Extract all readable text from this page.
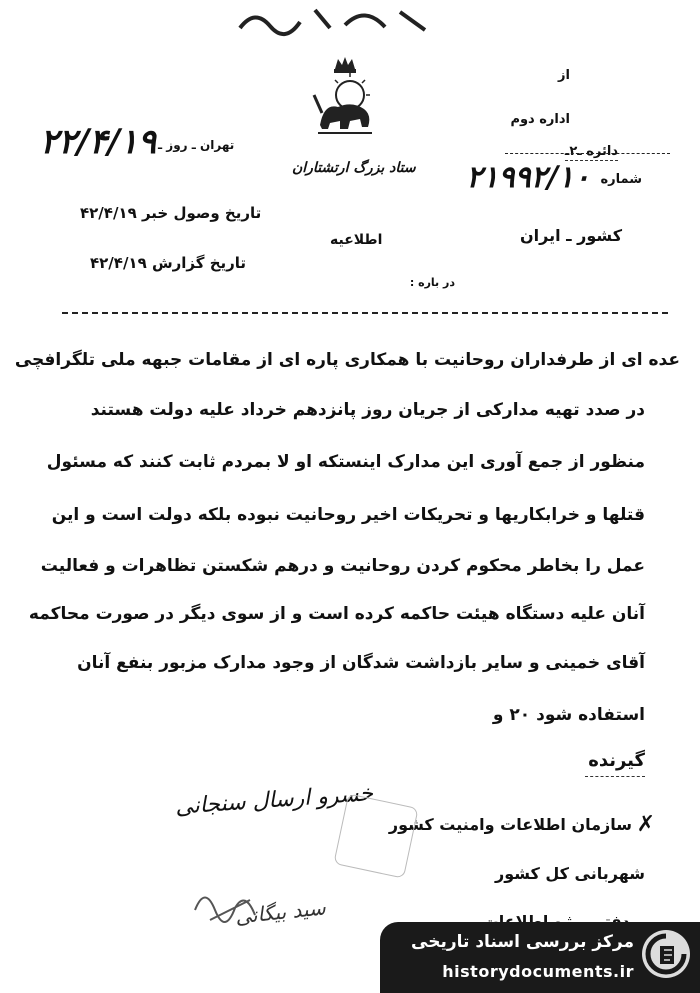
از
اداره دوم
دائره ـ۲ـ
شماره
۲۱۹۹۲/۱۰
کشور ـ ایران
در باره :
ستاد بزرگ ارتشتاران
تهران ـ روز ـ
۲۲/۴/۱۹
تاریخ وصول خبر ۴۲/۴/۱۹
اطلاعیه
تاریخ گزارش ۴۲/۴/۱۹
عده ای از طرفداران روحانیت با همکاری پاره ای از مقامات جبهه ملی تلگرافچی
در صدد تهیه مدارکی از جریان روز پانزدهم خرداد علیه دولت هستند
منظور از جمع آوری این مدارک اینستکه او لا بمردم ثابت کنند که مسئول
قتلها و خرابکاریها و تحریکات اخیر روحانیت نبوده بلکه دولت است و این
عمل را بخاطر محکوم کردن روحانیت و درهم شکستن تظاهرات و فعالیت
آنان علیه دستگاه هیئت حاکمه کرده است و از سوی دیگر در صورت محاکمه
آقای خمینی و سایر بازداشت شدگان از وجود مدارک مزبور بنفع آنان
استفاده شود ۲۰ و
گیرنده
سازمان اطلاعات وامنیت کشور ✗
شهربانی کل کشور
خسرو ارسال سنجانی
سید بیگانی
مرکز بررسی اسناد تاریخی
historydocuments.ir
